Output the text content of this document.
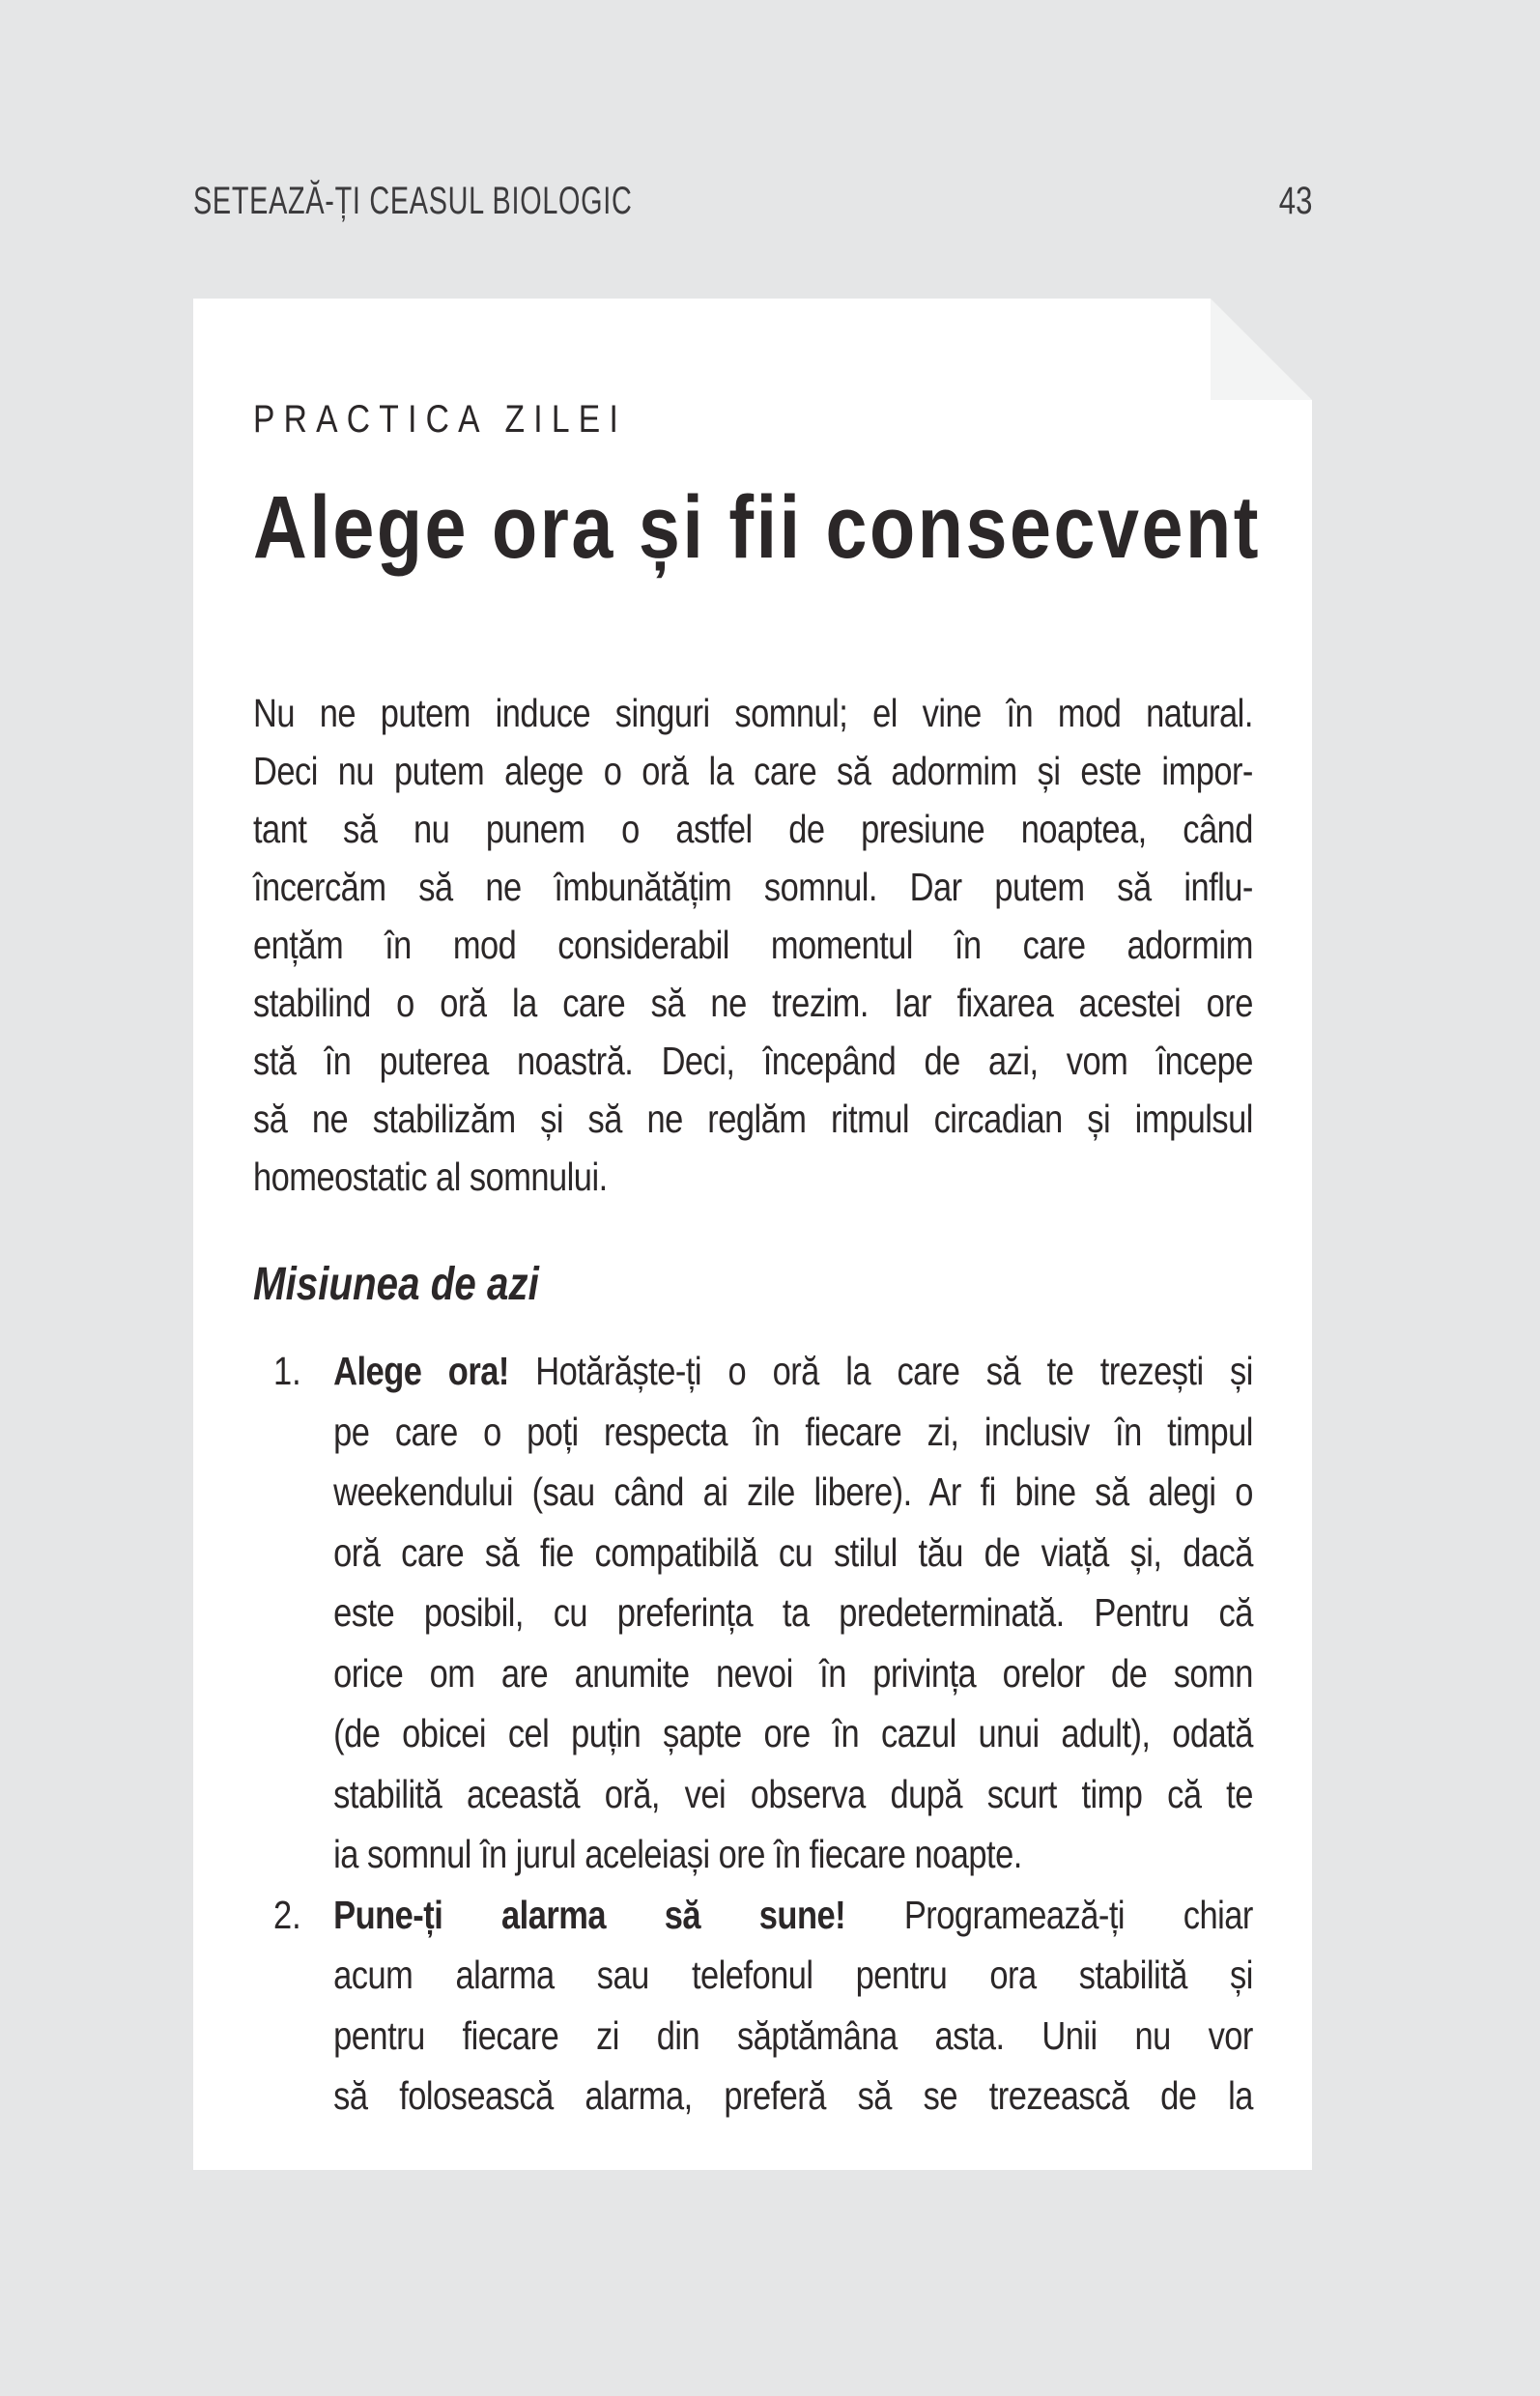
SETEAZĂ-ȚI CEASUL BIOLOGIC	43
PRACTICA ZILEI
Alege ora și fii consecvent
Nu ne putem induce singuri somnul; el vine în mod natural.
Deci nu putem alege o oră la care să adormim și este impor-
tant să nu punem o astfel de presiune noaptea, când
încercăm să ne îmbunătățim somnul. Dar putem să influ-
ențăm în mod considerabil momentul în care adormim
stabilind o oră la care să ne trezim. Iar fixarea acestei ore
stă în puterea noastră. Deci, începând de azi, vom începe
să ne stabilizăm și să ne reglăm ritmul circadian și impulsul
homeostatic al somnului.
Misiunea de azi
1. Alege ora! Hotărăște-ți o oră la care să te trezești și
pe care o poți respecta în fiecare zi, inclusiv în timpul
weekendului (sau când ai zile libere). Ar fi bine să alegi o
oră care să fie compatibilă cu stilul tău de viață și, dacă
este posibil, cu preferința ta predeterminată. Pentru că
orice om are anumite nevoi în privința orelor de somn
(de obicei cel puțin șapte ore în cazul unui adult), odată
stabilită această oră, vei observa după scurt timp că te
ia somnul în jurul aceleiași ore în fiecare noapte.
2. Pune-ți alarma să sune! Programează-ți chiar
acum alarma sau telefonul pentru ora stabilită și
pentru fiecare zi din săptămâna asta. Unii nu vor
să folosească alarma, preferă să se trezească de la
